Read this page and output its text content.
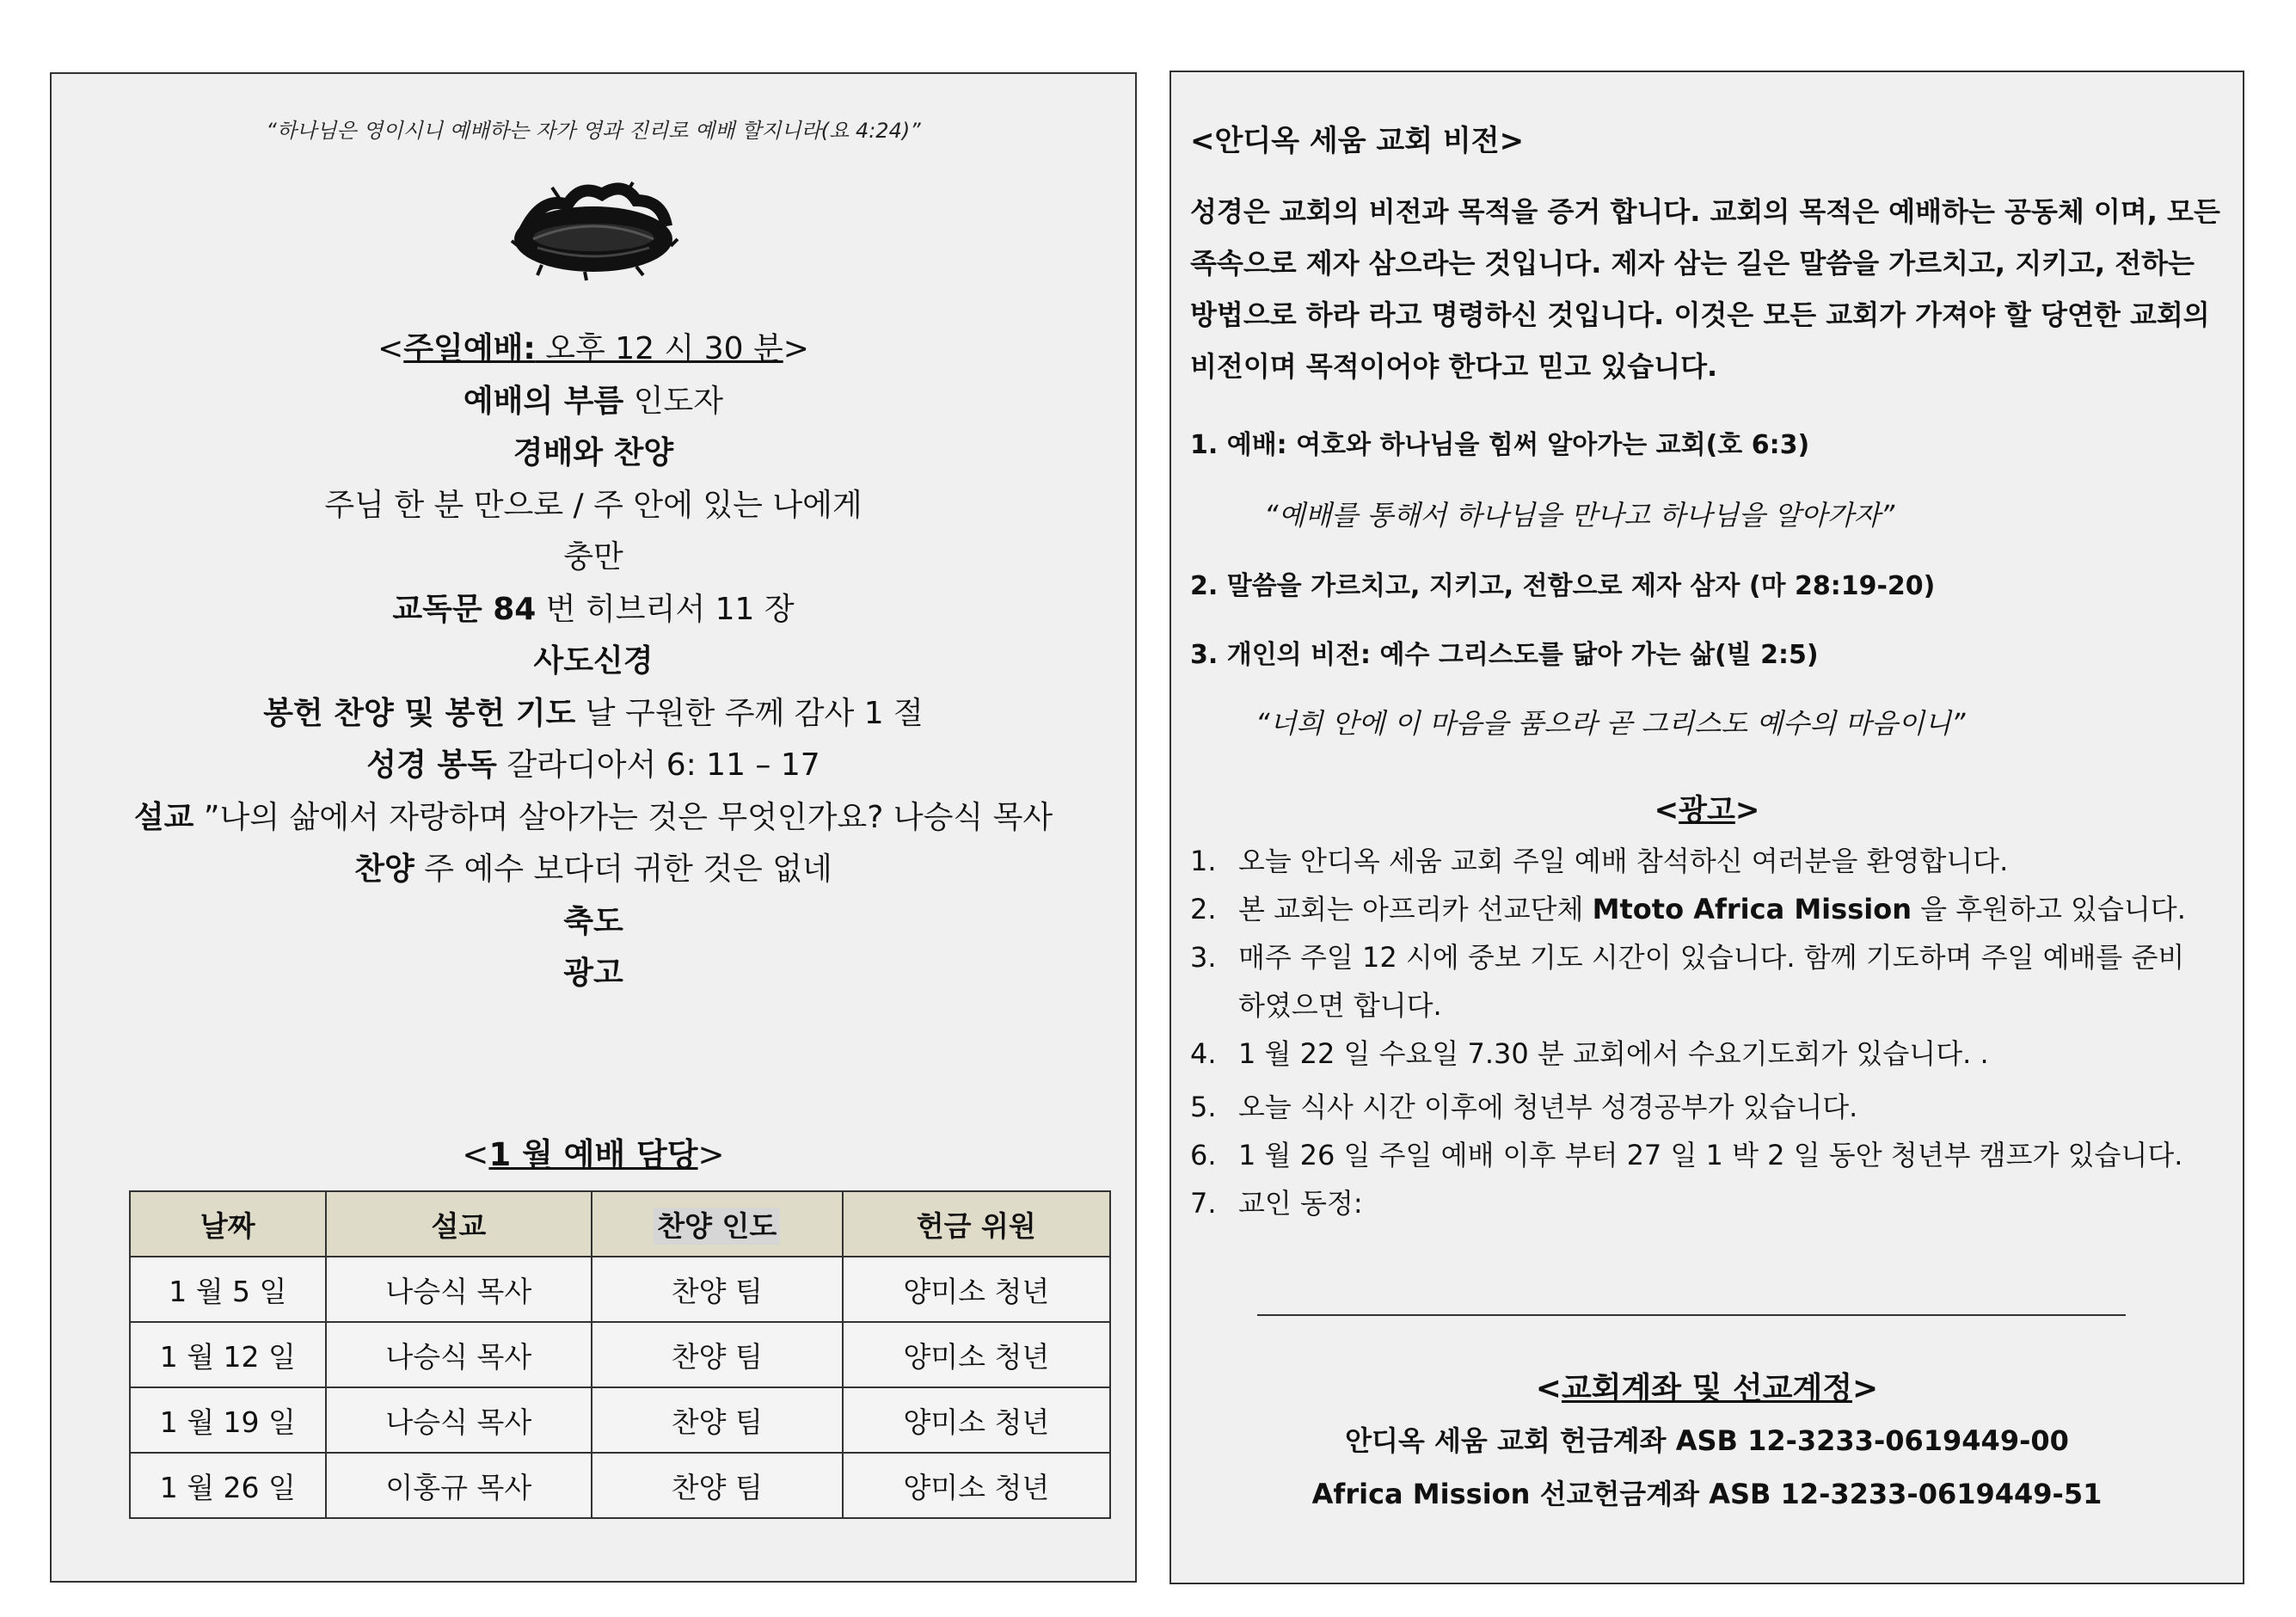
“하나님은 영이시니 예배하는 자가 영과 진리로 예배 할지니라(요 4:24)”
<주일예배: 오후 12 시 30 분>
예배의 부름 인도자
경배와 찬양
주님 한 분 만으로 / 주 안에 있는 나에게
충만
교독문 84 번 히브리서 11 장
사도신경
봉헌 찬양 및 봉헌 기도 날 구원한 주께 감사 1 절
성경 봉독 갈라디아서 6: 11 – 17
설교 ”나의 삶에서 자랑하며 살아가는 것은 무엇인가요? 나승식 목사
찬양 주 예수 보다더 귀한 것은 없네
축도
광고
<1 월 예배 담당>
날짜	설교	찬양 인도	헌금 위원
1 월 5 일	나승식 목사	찬양 팀	양미소 청년
1 월 12 일	나승식 목사	찬양 팀	양미소 청년
1 월 19 일	나승식 목사	찬양 팀	양미소 청년
1 월 26 일	이홍규 목사	찬양 팀	양미소 청년
<안디옥 세움 교회 비전>
성경은 교회의 비전과 목적을 증거 합니다. 교회의 목적은 예배하는 공동체 이며, 모든 족속으로 제자 삼으라는 것입니다. 제자 삼는 길은 말씀을 가르치고, 지키고, 전하는 방법으로 하라 라고 명령하신 것입니다. 이것은 모든 교회가 가져야 할 당연한 교회의 비전이며 목적이어야 한다고 믿고 있습니다.
1. 예배: 여호와 하나님을 힘써 알아가는 교회(호 6:3)
“예배를 통해서 하나님을 만나고 하나님을 알아가자”
2. 말씀을 가르치고, 지키고, 전함으로 제자 삼자 (마 28:19-20)
3. 개인의 비전: 예수 그리스도를 닮아 가는 삶(빌 2:5)
“너희 안에 이 마음을 품으라 곧 그리스도 예수의 마음이니”
<광고>
1. 오늘 안디옥 세움 교회 주일 예배 참석하신 여러분을 환영합니다.
2. 본 교회는 아프리카 선교단체 Mtoto Africa Mission 을 후원하고 있습니다.
3. 매주 주일 12 시에 중보 기도 시간이 있습니다. 함께 기도하며 주일 예배를 준비
하였으면 합니다.
4. 1 월 22 일 수요일 7.30 분 교회에서 수요기도회가 있습니다. .
5. 오늘 식사 시간 이후에 청년부 성경공부가 있습니다.
6. 1 월 26 일 주일 예배 이후 부터 27 일 1 박 2 일 동안 청년부 캠프가 있습니다.
7. 교인 동정:
<교회계좌 및 선교계정>
안디옥 세움 교회 헌금계좌 ASB 12-3233-0619449-00
Africa Mission 선교헌금계좌 ASB 12-3233-0619449-51
